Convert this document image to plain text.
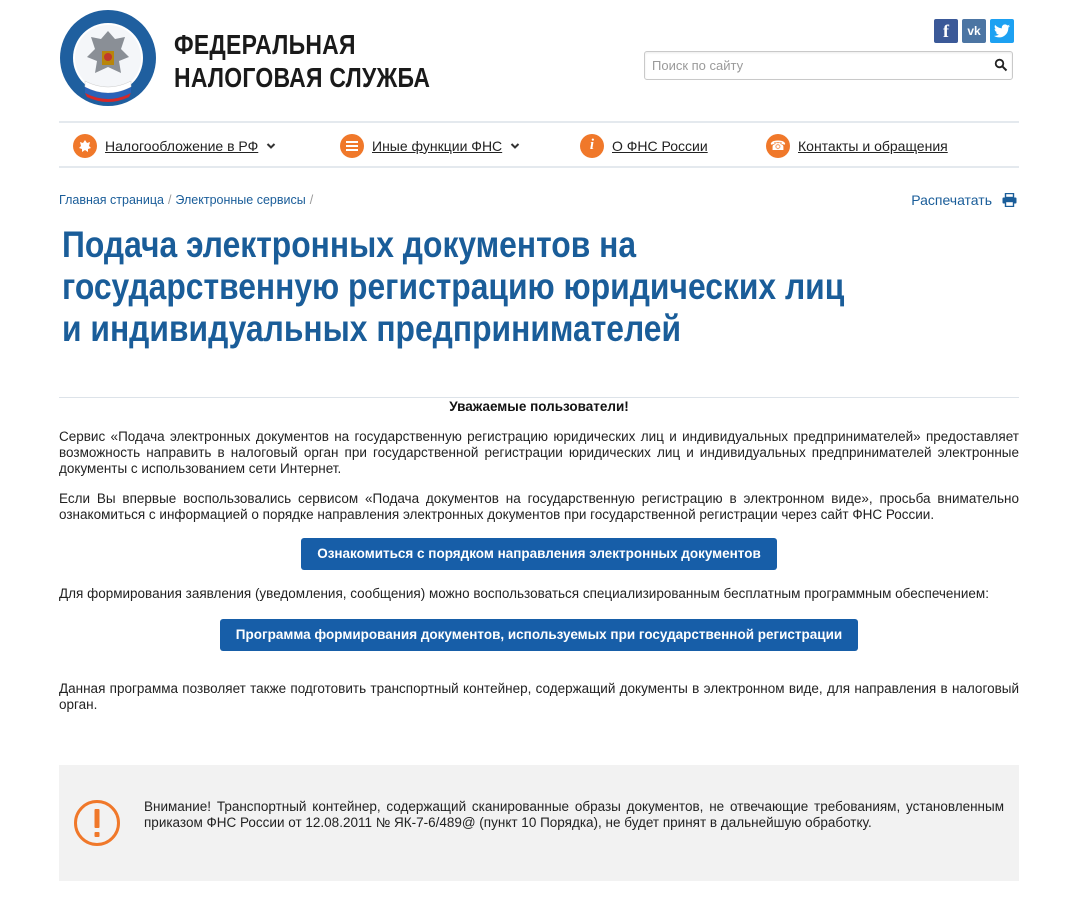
ФЕДЕРАЛЬНАЯ
НАЛОГОВАЯ СЛУЖБА
f	vk
Поиск по сайту
Налогообложение в РФ	Иные функции ФНС	i	О ФНС России	☎ Контакты и обращения
Главная страница / Электронные сервисы /	Распечатать
Подача электронных документов на государственную регистрацию юридических лиц и индивидуальных предпринимателей
Уважаемые пользователи!

Сервис «Подача электронных документов на государственную регистрацию юридических лиц и индивидуальных предпринимателей» предоставляет возможность направить в налоговый орган при государственной регистрации юридических лиц и индивидуальных предпринимателей электронные документы с использованием сети Интернет.

Если Вы впервые воспользовались сервисом «Подача документов на государственную регистрацию в электронном виде», просьба внимательно ознакомиться с информацией о порядке направления электронных документов при государственной регистрации через сайт ФНС России.

Ознакомиться с порядком направления электронных документов

Для формирования заявления (уведомления, сообщения) можно воспользоваться специализированным бесплатным программным обеспечением:

Программа формирования документов, используемых при государственной регистрации

Данная программа позволяет также подготовить транспортный контейнер, содержащий документы в электронном виде, для направления в налоговый орган.

Внимание! Транспортный контейнер, содержащий сканированные образы документов, не отвечающие требованиям, установленным приказом ФНС России от 12.08.2011 № ЯК-7-6/489@ (пункт 10 Порядка), не будет принят в дальнейшую обработку.
